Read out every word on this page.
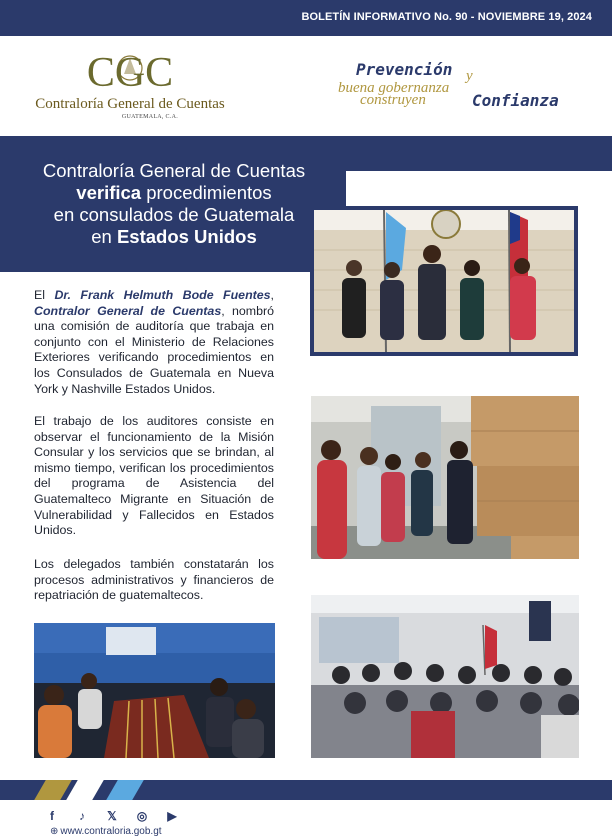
BOLETÍN INFORMATIVO No. 90 - NOVIEMBRE 19, 2024
CGC
Contraloría General de Cuentas
GUATEMALA, C.A.
Prevención y
buena gobernanza
construyen	Confianza
Contraloría General de Cuentas
verifica procedimientos
en consulados de Guatemala
en Estados Unidos
El Dr. Frank Helmuth Bode Fuentes, Contralor General de Cuentas, nombró una comisión de auditoría que trabaja en conjunto con el Ministerio de Relaciones Exteriores verificando procedimientos en los Consulados de Guatemala en Nueva York y Nashville Estados Unidos.
El trabajo de los auditores consiste en observar el funcionamiento de la Misión Consular y los servicios que se brindan, al mismo tiempo, verifican los procedimientos del programa de Asistencia del Guatemalteco Migrante en Situación de Vulnerabilidad y Fallecidos en Estados Unidos.
Los delegados también constatarán los procesos administrativos y financieros de repatriación de guatemaltecos.
f	♪	𝕏 ◎ ▶
⊕ www.contraloria.gob.gt
